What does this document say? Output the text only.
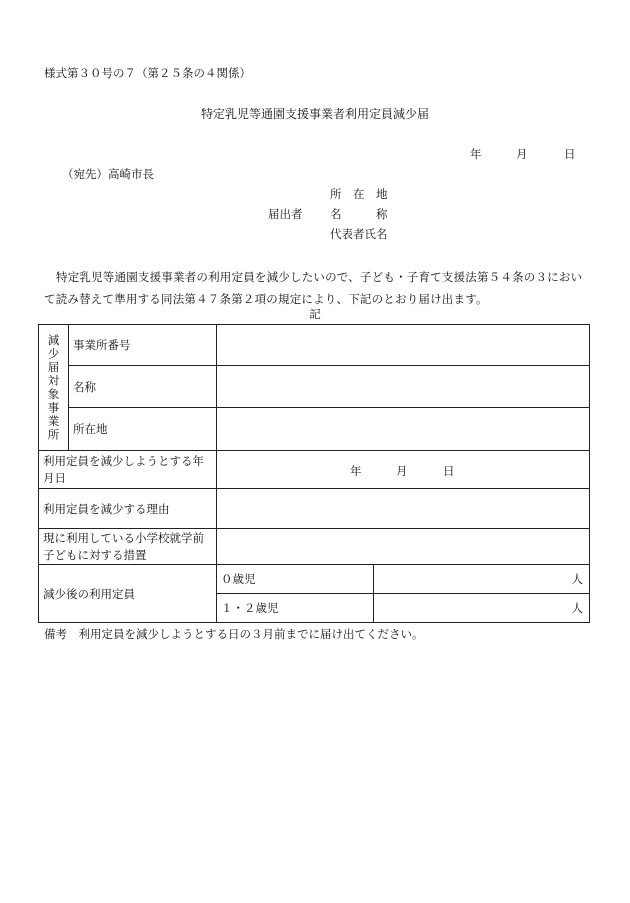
様式第３０号の７（第２５条の４関係）
特定乳児等通園支援事業者利用定員減少届
年	月	日
（宛先）高崎市長
届出者
所　在　地
名　　　称
代表者氏名

特定乳児等通園支援事業者の利用定員を減少したいので、子ども・子育て支援法第５４条の３におい

て読み替えて準用する同法第４７条第２項の規定により、下記のとおり届け出ます。

記
減少届対象事業所	事業所番号		
	名称		
	所在地		
利用定員を減少しようとする年月日		年 月 日	

利用定員を減少する理由			
現に利用している小学校就学前子どもに対する措置			
減少後の利用定員		０歳児	人
		１・２歳児	人
備考　利用定員を減少しようとする日の３月前までに届け出てください。
